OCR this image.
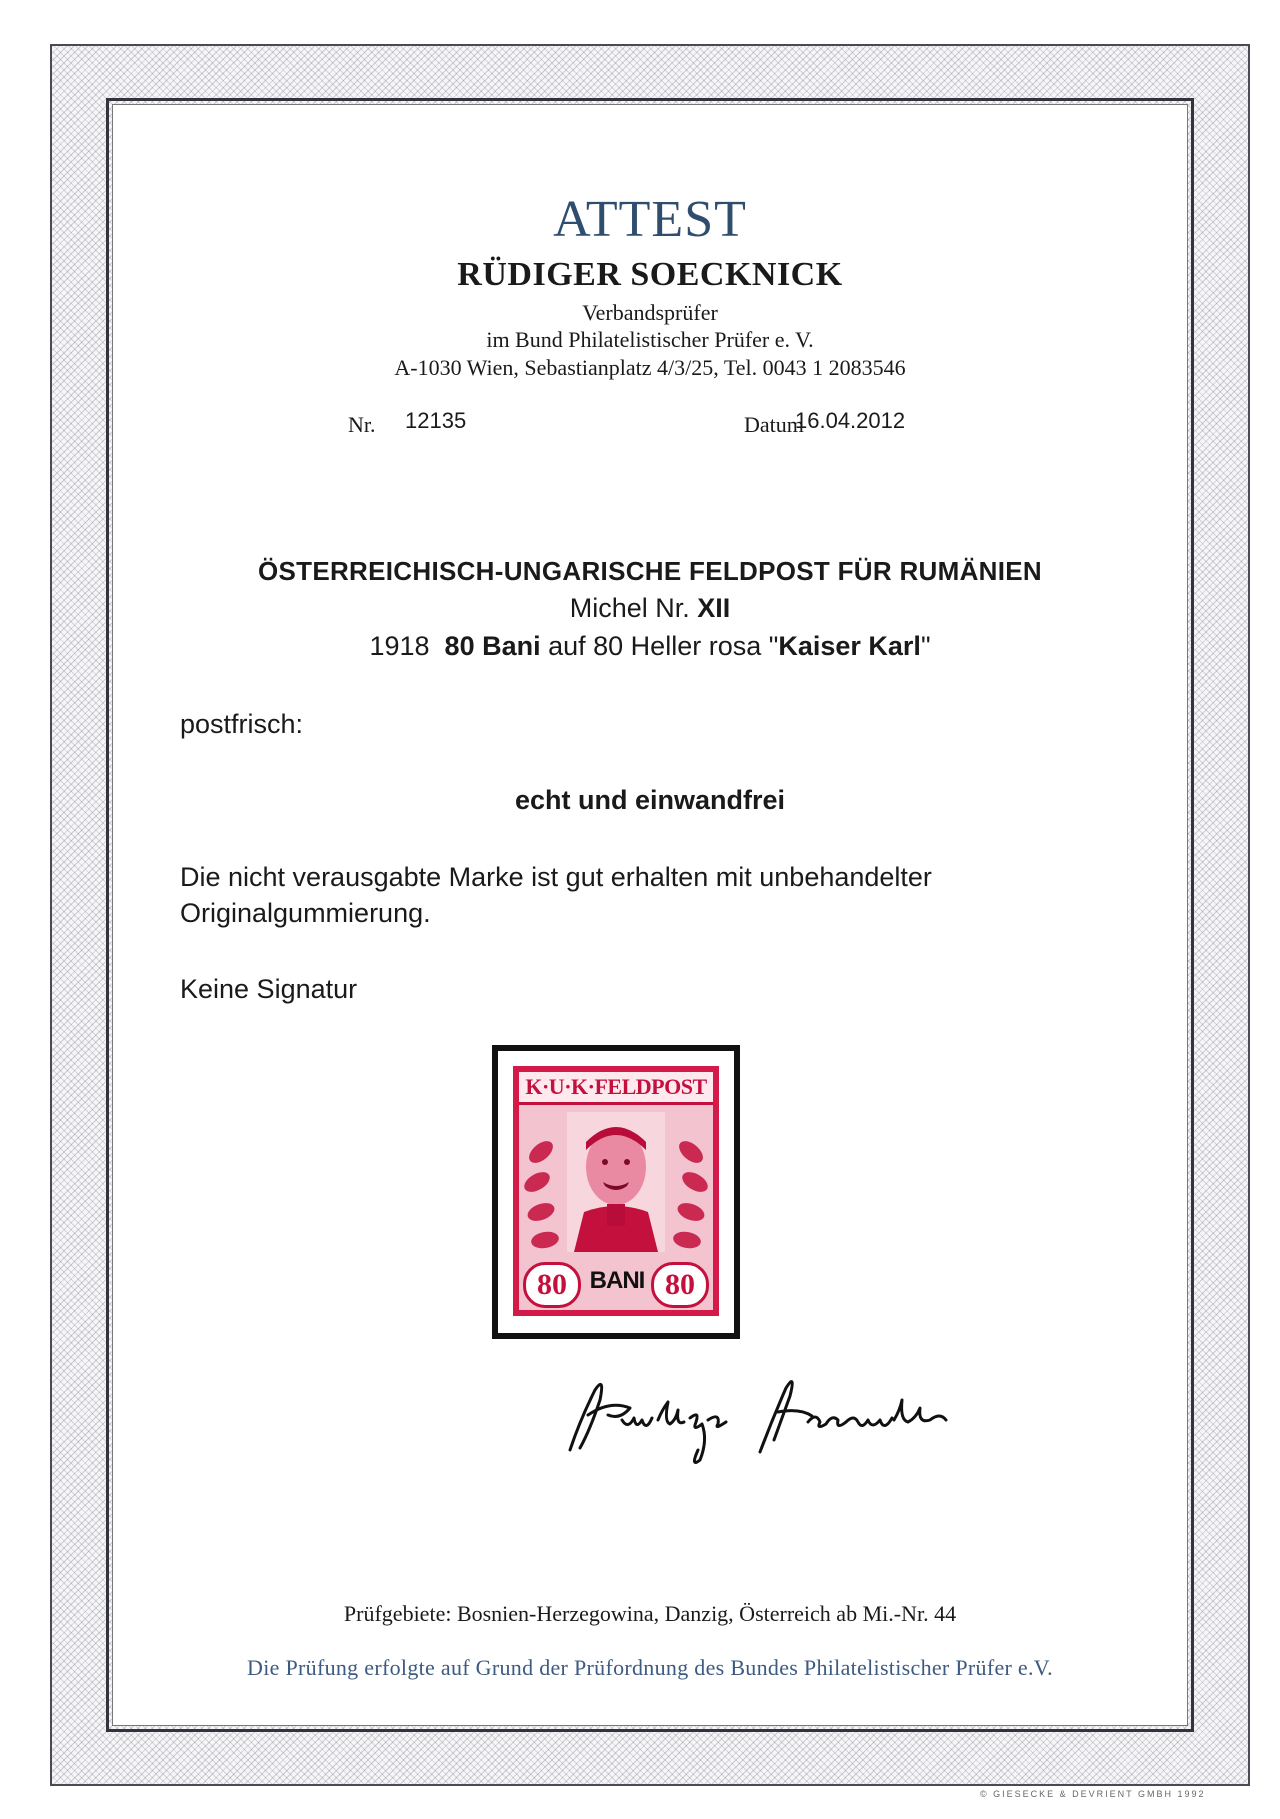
ATTEST
RÜDIGER SOECKNICK
Verbandsprüfer
im Bund Philatelistischer Prüfer e. V.
A-1030 Wien, Sebastianplatz 4/3/25, Tel. 0043 1 2083546
Nr. 12135	Datum
16.04.2012
ÖSTERREICHISCH-UNGARISCHE FELDPOST FÜR RUMÄNIEN
Michel Nr. XII
1918 80 Bani auf 80 Heller rosa "Kaiser Karl"
postfrisch:
echt und einwandfrei
Die nicht verausgabte Marke ist gut erhalten mit unbehandelter
Originalgummierung.
Keine Signatur
K·U·K·FELDPOST
80 BANI 80
Prüfgebiete: Bosnien-Herzegowina, Danzig, Österreich ab Mi.-Nr. 44
Die Prüfung erfolgte auf Grund der Prüfordnung des Bundes Philatelistischer Prüfer e.V.
© GIESECKE & DEVRIENT GMBH 1992
